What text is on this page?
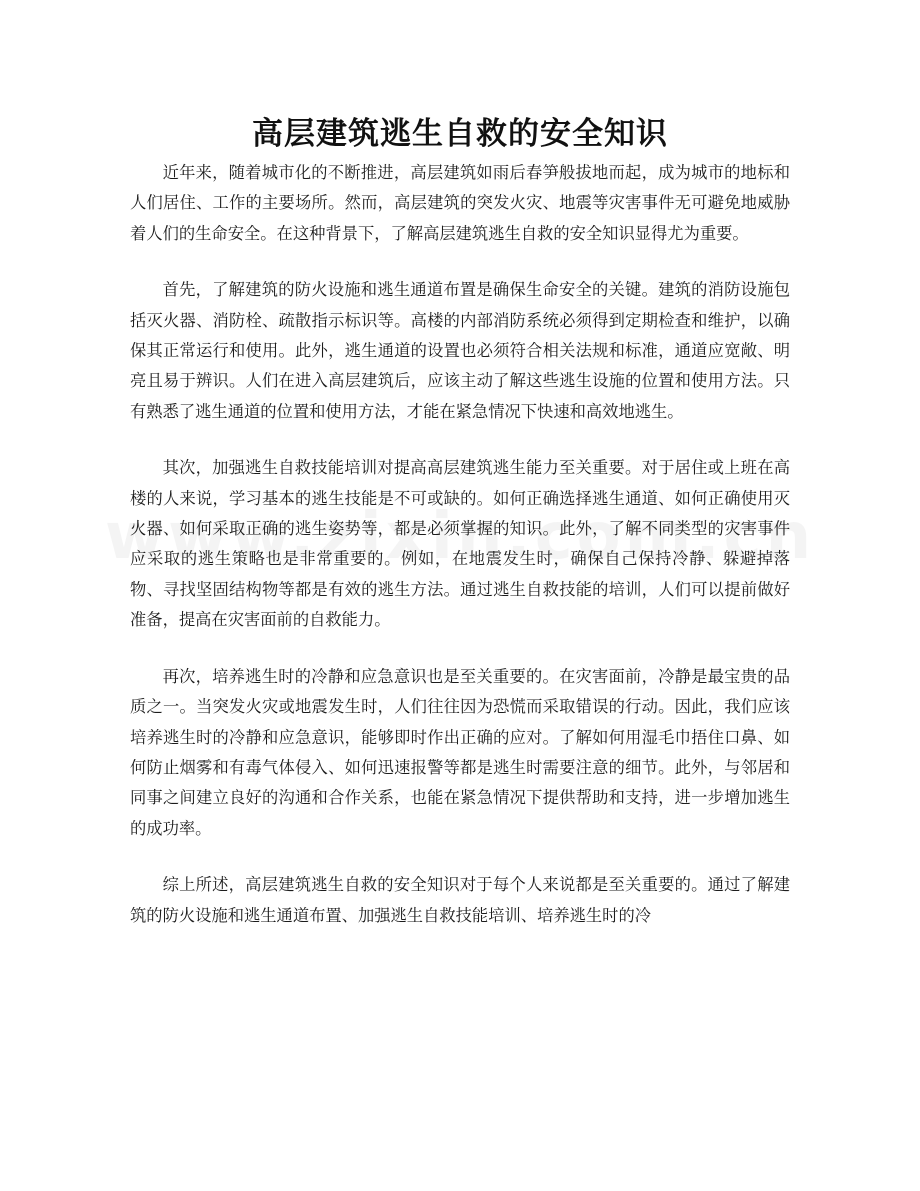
高层建筑逃生自救的安全知识

近年来，随着城市化的不断推进，高层建筑如雨后春笋般拔地而起，成为城市的地标和人们居住、工作的主要场所。然而，高层建筑的突发火灾、地震等灾害事件无可避免地威胁着人们的生命安全。在这种背景下，了解高层建筑逃生自救的安全知识显得尤为重要。

首先，了解建筑的防火设施和逃生通道布置是确保生命安全的关键。建筑的消防设施包括灭火器、消防栓、疏散指示标识等。高楼的内部消防系统必须得到定期检查和维护，以确保其正常运行和使用。此外，逃生通道的设置也必须符合相关法规和标准，通道应宽敞、明亮且易于辨识。人们在进入高层建筑后，应该主动了解这些逃生设施的位置和使用方法。只有熟悉了逃生通道的位置和使用方法，才能在紧急情况下快速和高效地逃生。

其次，加强逃生自救技能培训对提高高层建筑逃生能力至关重要。对于居住或上班在高楼的人来说，学习基本的逃生技能是不可或缺的。如何正确选择逃生通道、如何正确使用灭火器、如何采取正确的逃生姿势等，都是必须掌握的知识。此外，了解不同类型的灾害事件应采取的逃生策略也是非常重要的。例如，在地震发生时，确保自己保持冷静、躲避掉落物、寻找坚固结构物等都是有效的逃生方法。通过逃生自救技能的培训，人们可以提前做好准备，提高在灾害面前的自救能力。

再次，培养逃生时的冷静和应急意识也是至关重要的。在灾害面前，冷静是最宝贵的品质之一。当突发火灾或地震发生时，人们往往因为恐慌而采取错误的行动。因此，我们应该培养逃生时的冷静和应急意识，能够即时作出正确的应对。了解如何用湿毛巾捂住口鼻、如何防止烟雾和有毒气体侵入、如何迅速报警等都是逃生时需要注意的细节。此外，与邻居和同事之间建立良好的沟通和合作关系，也能在紧急情况下提供帮助和支持，进一步增加逃生的成功率。

综上所述，高层建筑逃生自救的安全知识对于每个人来说都是至关重要的。通过了解建筑的防火设施和逃生通道布置、加强逃生自救技能培训、培养逃生时的冷
